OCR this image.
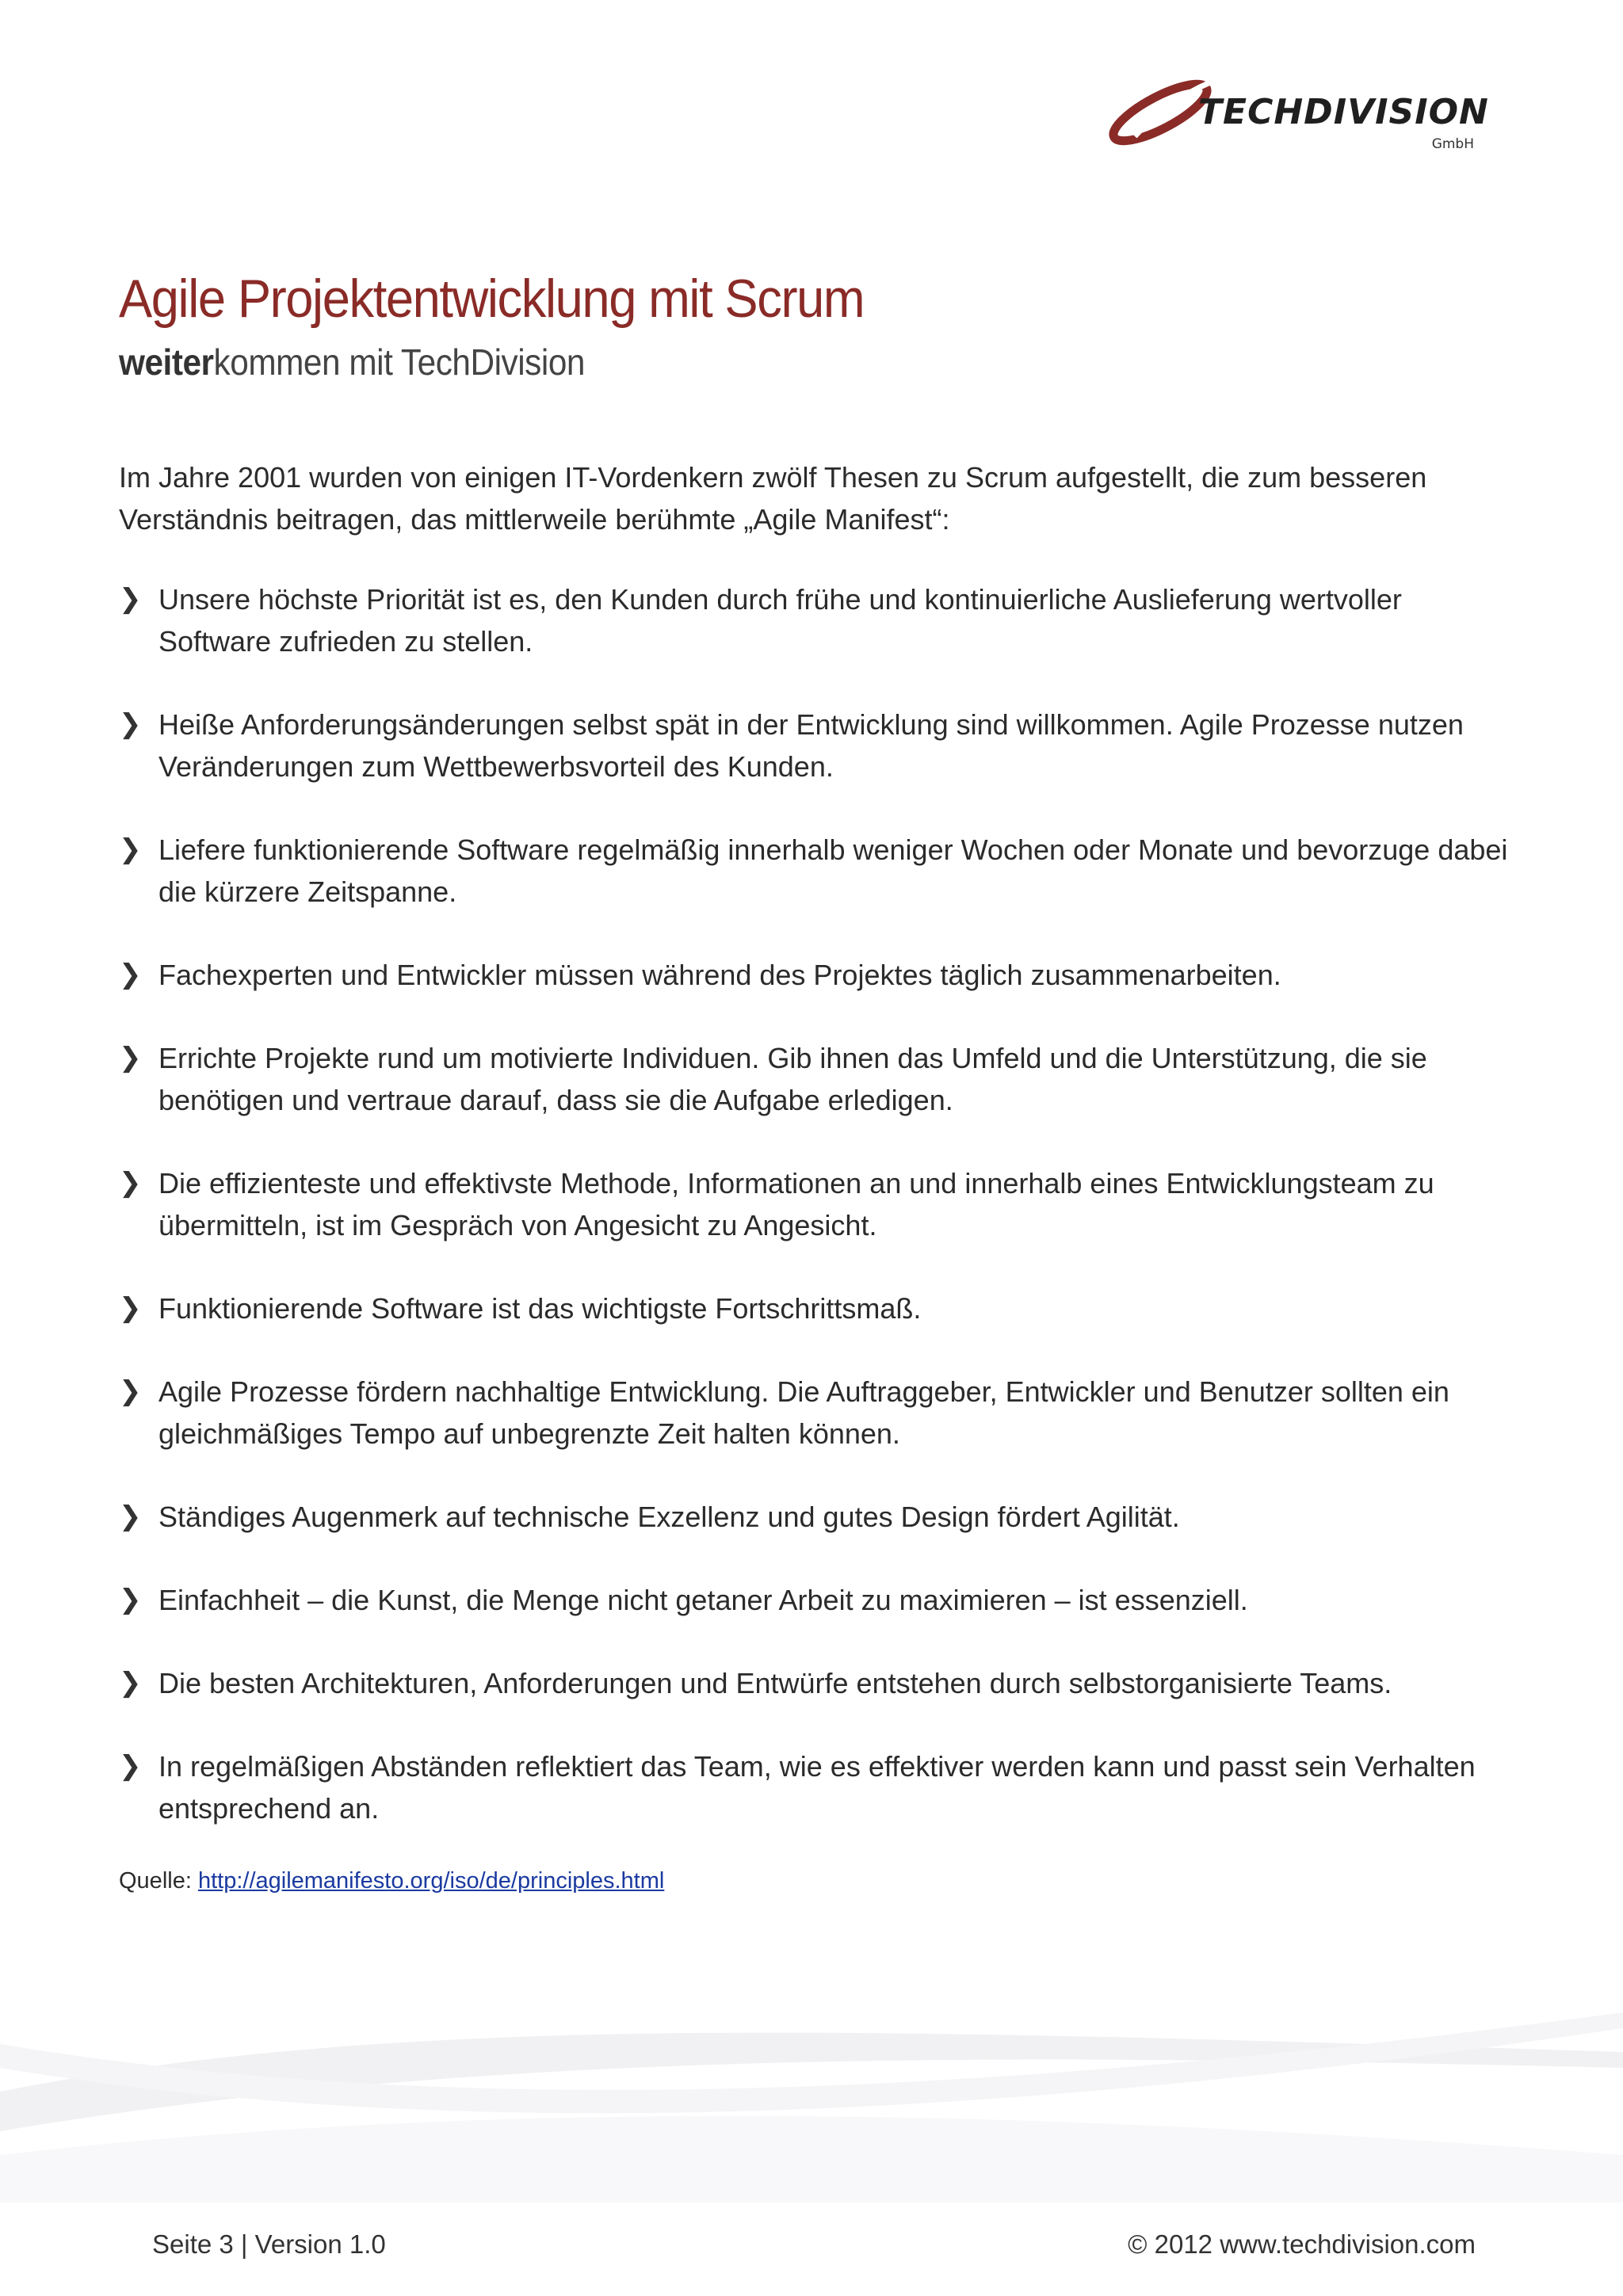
TECHDIVISION
GmbH
Agile Projektentwicklung mit Scrum
weiterkommen mit TechDivision

Im Jahre 2001 wurden von einigen IT-Vordenkern zwölf Thesen zu Scrum aufgestellt, die zum besseren Verständnis beitragen, das mittlerweile berühmte „Agile Manifest“:

❯ Unsere höchste Priorität ist es, den Kunden durch frühe und kontinuierliche Auslieferung wertvoller Software zufrieden zu stellen.
❯ Heiße Anforderungsänderungen selbst spät in der Entwicklung sind willkommen. Agile Prozesse nutzen Veränderungen zum Wettbewerbsvorteil des Kunden.
❯ Liefere funktionierende Software regelmäßig innerhalb weniger Wochen oder Monate und bevorzuge dabei die kürzere Zeitspanne.
❯ Fachexperten und Entwickler müssen während des Projektes täglich zusammenarbeiten.
❯ Errichte Projekte rund um motivierte Individuen. Gib ihnen das Umfeld und die Unterstützung, die sie benötigen und vertraue darauf, dass sie die Aufgabe erledigen.
❯ Die effizienteste und effektivste Methode, Informationen an und innerhalb eines Entwicklungsteam zu übermitteln, ist im Gespräch von Angesicht zu Angesicht.
❯ Funktionierende Software ist das wichtigste Fortschrittsmaß.
❯ Agile Prozesse fördern nachhaltige Entwicklung. Die Auftraggeber, Entwickler und Benutzer sollten ein gleichmäßiges Tempo auf unbegrenzte Zeit halten können.
❯ Ständiges Augenmerk auf technische Exzellenz und gutes Design fördert Agilität.
❯ Einfachheit – die Kunst, die Menge nicht getaner Arbeit zu maximieren – ist essenziell.
❯ Die besten Architekturen, Anforderungen und Entwürfe entstehen durch selbstorganisierte Teams.
❯ In regelmäßigen Abständen reflektiert das Team, wie es effektiver werden kann und passt sein Verhalten entsprechend an.
Quelle: http://agilemanifesto.org/iso/de/principles.html
Seite 3 | Version 1.0	© 2012 www.techdivision.com
